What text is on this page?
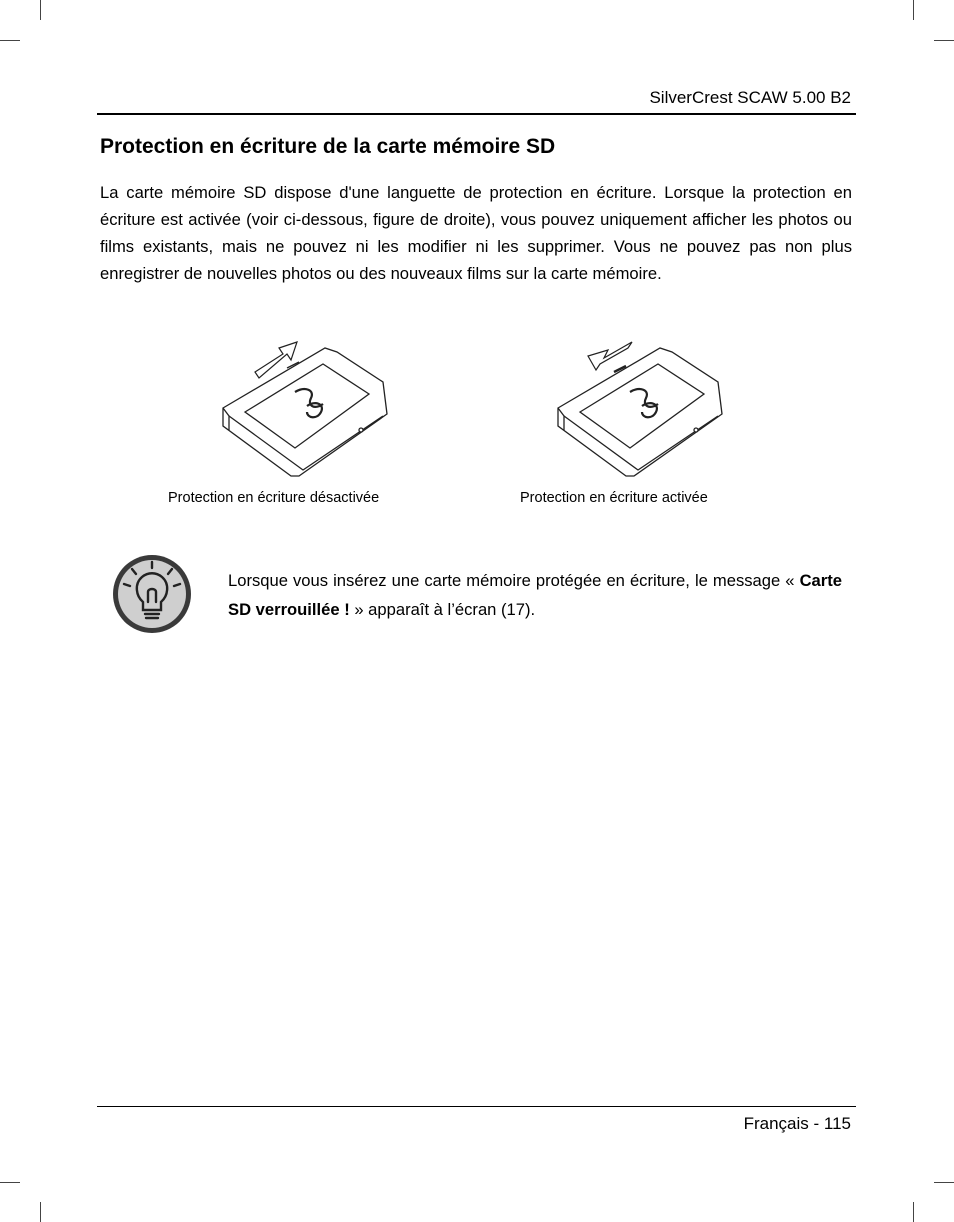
SilverCrest SCAW 5.00 B2
Protection en écriture de la carte mémoire SD

La carte mémoire SD dispose d'une languette de protection en écriture. Lorsque la protection en écriture est activée (voir ci-dessous, figure de droite), vous pouvez uniquement afficher les photos ou films existants, mais ne pouvez ni les modifier ni les supprimer. Vous ne pouvez pas non plus enregistrer de nouvelles photos ou des nouveaux films sur la carte mémoire.

Protection en écriture désactivée	Protection en écriture activée

Lorsque vous insérez une carte mémoire protégée en écriture, le message « Carte SD verrouillée ! » apparaît à l’écran (17).

Français - 115
